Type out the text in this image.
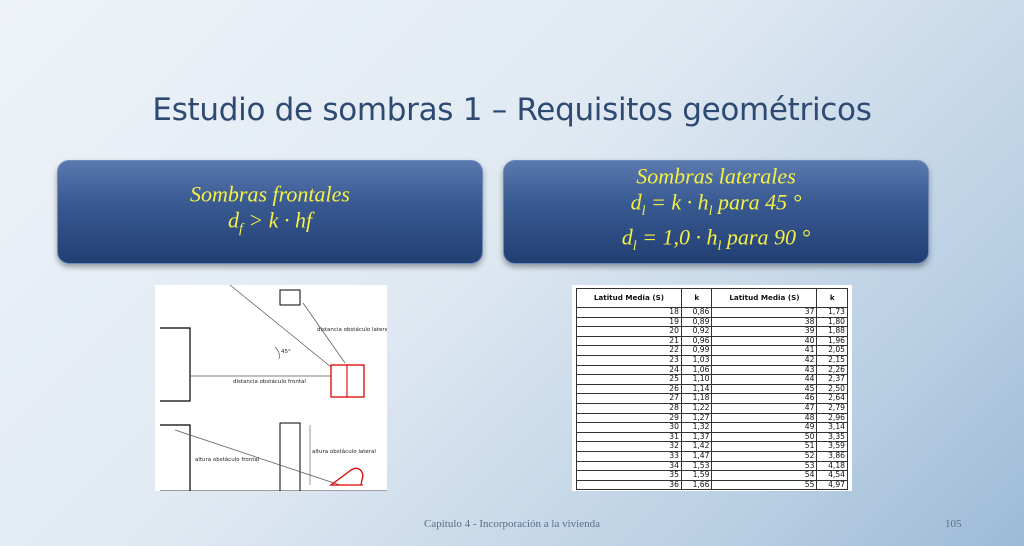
Estudio de sombras 1 – Requisitos geométricos
Sombras frontales
$d_f > k$ · hf
Sombras laterales
$d_l = k \cdot h_l$ para 45 °
$d_l = 1,0 \cdot h_l$ para 90 °
distancia obstáculo lateral
45°
distancia obstáculo frontal
altura obstáculo lateral
altura obstáculo frontal
Latitud Media (S)	k	Latitud Media (S)	k
18	0,86	37	1,73
19	0,89	38	1,80
20	0,92	39	1,88
21	0,96	40	1,96
22	0,99	41	2,05
23	1,03	42	2,15
24	1,06	43	2,26
25	1,10	44	2,37
26	1,14	45	2,50
27	1,18	46	2,64
28	1,22	47	2,79
29	1,27	48	2,96
30	1,32	49	3,14
31	1,37	50	3,35
32	1,42	51	3,59
33	1,47	52	3,86
34	1,53	53	4,18
35	1,59	54	4,54
36	1,66	55	4,97
Capitulo 4 - Incorporación a la vivienda	105
